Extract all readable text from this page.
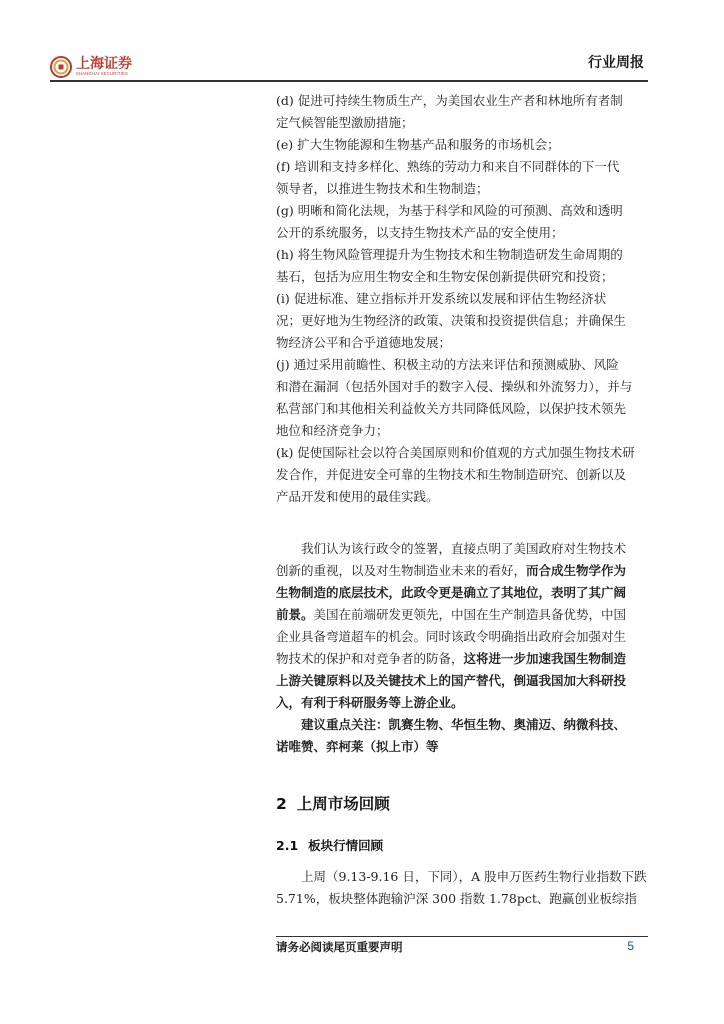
上海证券
SHANGHAI SECURITIES
行业周报

(d) 促进可持续生物质生产，为美国农业生产者和林地所有者制
定气候智能型激励措施；

(e) 扩大生物能源和生物基产品和服务的市场机会；

(f) 培训和支持多样化、熟练的劳动力和来自不同群体的下一代
领导者，以推进生物技术和生物制造；

(g) 明晰和简化法规，为基于科学和风险的可预测、高效和透明
公开的系统服务，以支持生物技术产品的安全使用；

(h) 将生物风险管理提升为生物技术和生物制造研发生命周期的
基石，包括为应用生物安全和生物安保创新提供研究和投资；

(i) 促进标准、建立指标并开发系统以发展和评估生物经济状
况；更好地为生物经济的政策、决策和投资提供信息；并确保生
物经济公平和合乎道德地发展；

(j) 通过采用前瞻性、积极主动的方法来评估和预测威胁、风险
和潜在漏洞（包括外国对手的数字入侵、操纵和外流努力），并与
私营部门和其他相关利益攸关方共同降低风险，以保护技术领先
地位和经济竞争力；

(k) 促使国际社会以符合美国原则和价值观的方式加强生物技术研
发合作，并促进安全可靠的生物技术和生物制造研究、创新以及
产品开发和使用的最佳实践。

我们认为该行政令的签署，直接点明了美国政府对生物技术
创新的重视，以及对生物制造业未来的看好，而合成生物学作为
生物制造的底层技术，此政令更是确立了其地位，表明了其广阔
前景。美国在前端研发更领先，中国在生产制造具备优势，中国
企业具备弯道超车的机会。同时该政令明确指出政府会加强对生
物技术的保护和对竞争者的防备，这将进一步加速我国生物制造
上游关键原料以及关键技术上的国产替代，倒逼我国加大科研投
入，有利于科研服务等上游企业。

建议重点关注：凯赛生物、华恒生物、奥浦迈、纳微科技、
诺唯赞、弈柯莱（拟上市）等

2 上周市场回顾
2.1 板块行情回顾

上周（9.13-9.16 日，下同），A 股申万医药生物行业指数下跌
5.71%，板块整体跑输沪深 300 指数 1.78pct、跑赢创业板综指

请务必阅读尾页重要声明	5
